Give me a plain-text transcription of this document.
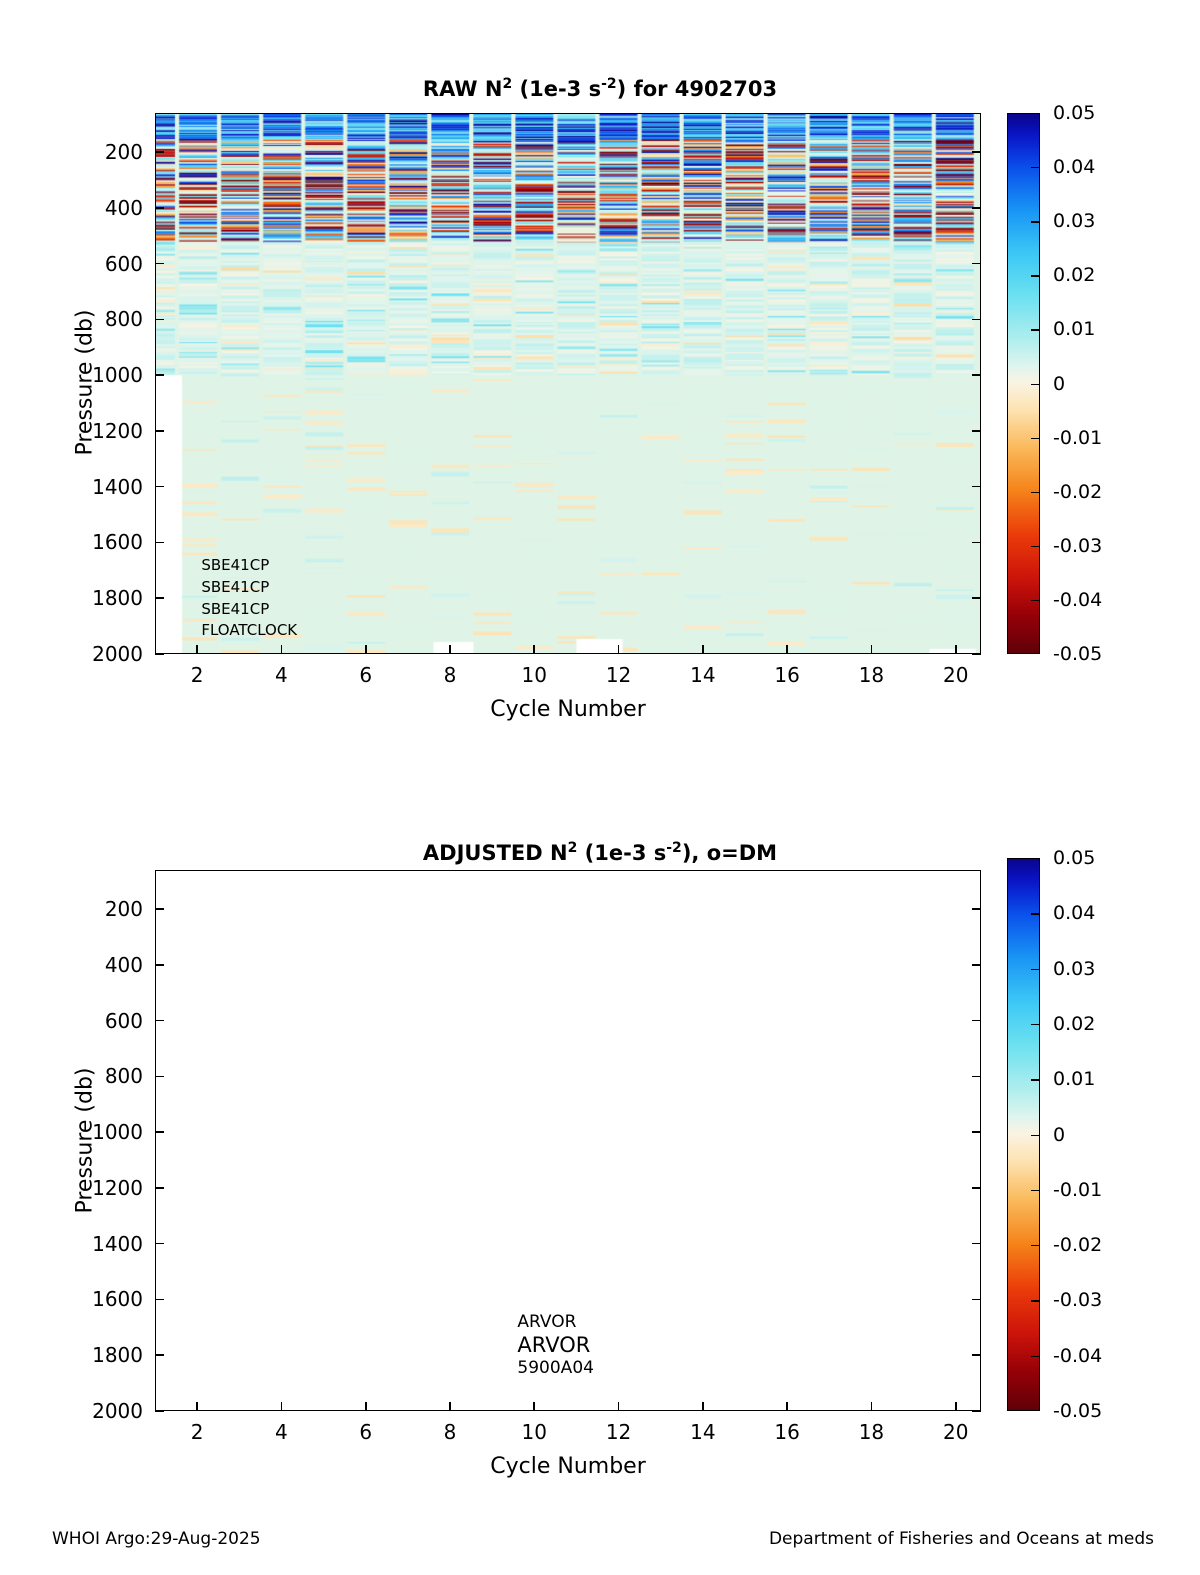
RAW $N^2$ (1e-3 $s^{-2}$) for 4902703
200
400
600
800
1000
1200
1400
1600
1800
2000
2	4	6	8	10	12	14	16	18	20
SBE41CP
SBE41CP
SBE41CP
FLOATCLOCK
Pressure (db)
Cycle Number
0.05
0.04
0.03
0.02
0.01
0
-0.01
-0.02
-0.03
-0.04
-0.05
ADJUSTED $N^2$ (1e-3 $s^{-2}$), o=DM
200
400
600
800
1000
1200
1400
1600
1800
2000
2	4	6	8	10	12	14	16	18	20
ARVOR
ARVOR
5900A04
Pressure (db)
Cycle Number
0.05
0.04
0.03
0.02
0.01
0
-0.01
-0.02
-0.03
-0.04
-0.05
WHOI Argo:29-Aug-2025	Department of Fisheries and Oceans at meds
